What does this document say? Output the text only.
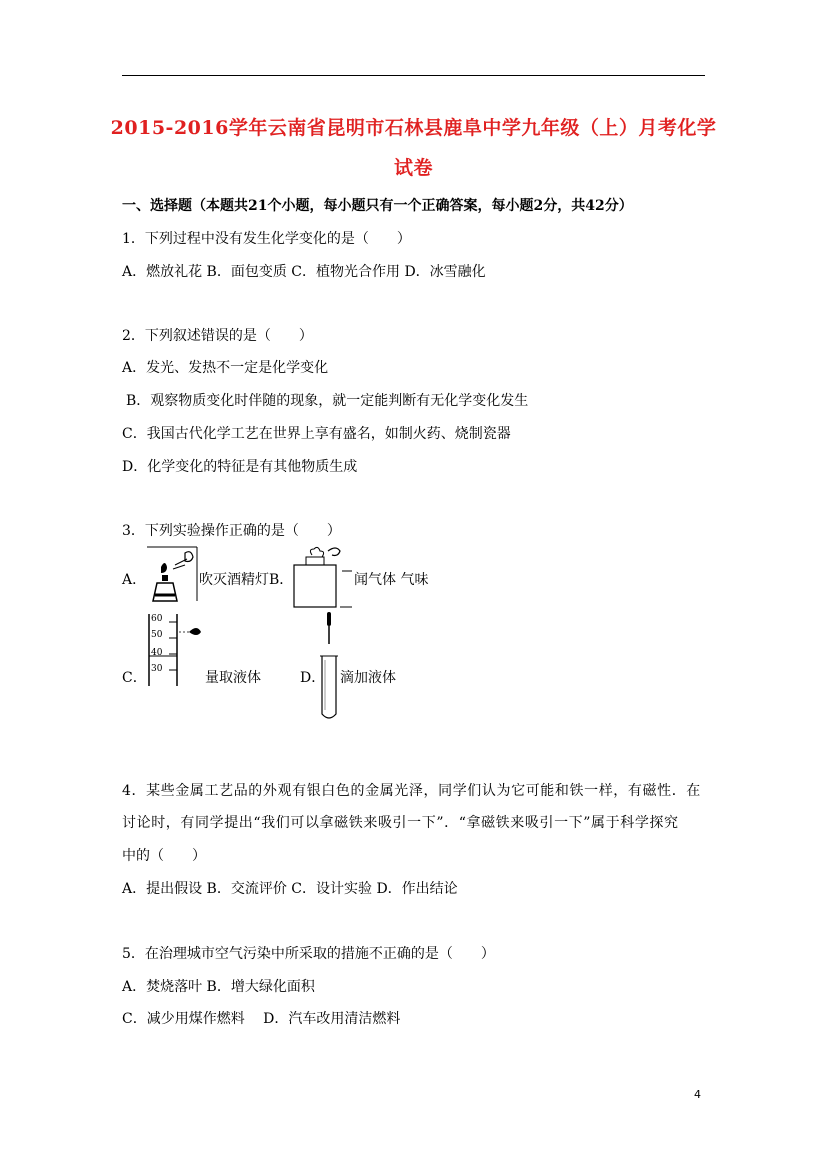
2015-2016学年云南省昆明市石林县鹿阜中学九年级（上）月考化学
试卷
一、选择题（本题共21个小题，每小题只有一个正确答案，每小题2分，共42分）
1．下列过程中没有发生化学变化的是（　　）
A．燃放礼花 B．面包变质 C．植物光合作用 D．冰雪融化
2．下列叙述错误的是（　　）
A．发光、发热不一定是化学变化
B．观察物质变化时伴随的现象，就一定能判断有无化学变化发生
C．我国古代化学工艺在世界上享有盛名，如制火药、烧制瓷器
D．化学变化的特征是有其他物质生成
3．下列实验操作正确的是（　　）
A．	吹灭酒精灯B．	闻气体 气味
C．
60
50
40
30
量取液体	D． 滴加液体
4．某些金属工艺品的外观有银白色的金属光泽，同学们认为它可能和铁一样，有磁性．在
讨论时，有同学提出“我们可以拿磁铁来吸引一下”．“拿磁铁来吸引一下”属于科学探究
中的（　　）
A．提出假设 B．交流评价 C．设计实验 D．作出结论
5．在治理城市空气污染中所采取的措施不正确的是（　　）
A．焚烧落叶 B．增大绿化面积
C．减少用煤作燃料　 D．汽车改用清洁燃料
4
